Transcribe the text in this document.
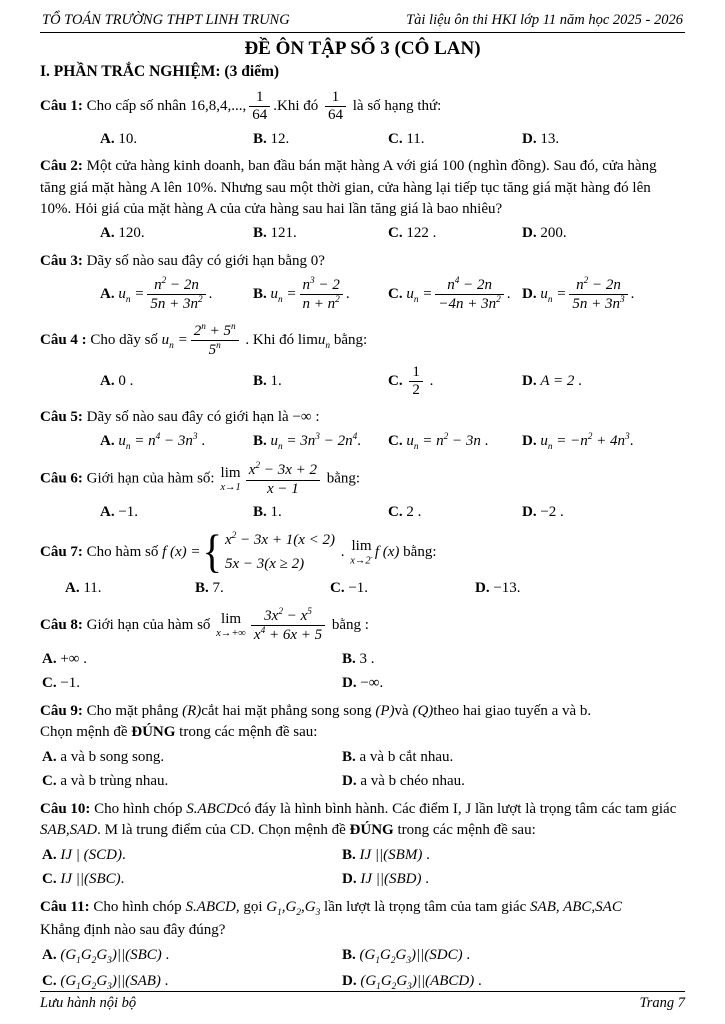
TỔ TOÁN TRƯỜNG THPT LINH TRUNG	Tài liệu ôn thi HKI lớp 11 năm học 2025 - 2026
ĐỀ ÔN TẬP SỐ 3 (CÔ LAN)
I. PHẦN TRẮC NGHIỆM: (3 điểm)
Câu 1: Cho cấp số nhân 16,8,4,..., $\frac{1}{64} .Khi$ đó $\frac{1}{64}$ là số hạng thứ:
A. 10.	B. 12.	C. 11.	D. 13.
Câu 2: Một cửa hàng kinh doanh, ban đầu bán mặt hàng A với giá 100 (nghìn đồng). Sau đó, cửa hàng tăng giá mặt hàng A lên 10%. Nhưng sau một thời gian, cửa hàng lại tiếp tục tăng giá mặt hàng đó lên 10%. Hỏi giá của mặt hàng A của cửa hàng sau hai lần tăng giá là bao nhiêu?
A. 120.	B. 121.	C. 122 .	D. 200.
Câu 3: Dãy số nào sau đây có giới hạn bằng 0?
A. $u_n = \frac{n^2 - 2n}{5n + 3n^2}$ .	B. $u_n = \frac{n^3 - 2}{n + n^2}$ .	C. $u_n = \frac{n^4 - 2n}{-4n + 3n^2}$ . D. $u_n = \frac{n^2 - 2n}{5n + 3n^3}$ .
Câu 4 : Cho dãy số $u_n = \frac{2^n + 5^n}{5^n}$ . Khi đó limu$_n$ bằng:
A. 0 .	B. 1.	C. $\frac{1}{2}$ .	D. A = 2 .
Câu 5: Dãy số nào sau đây có giới hạn là −∞ :
A. $u_n = n^4 - 3n^3$ .	B. $u_n = 3n^3 - 2n^4$.	C. $u_n = n^2 - 3n$ .	D. $u_n = -n^2 + 4n^3$.
Câu 6: Giới hạn của hàm số: lim
$x\to 1 \frac{x^2 - 3x + 2}{x - 1}$ bằng:
A. −1.	B. 1.	C. 2 .	D. −2 .
Câu 7: Cho hàm số f (x) = { $x^2 - 3x + 1(x < 2)$
5x − 3(x ≥ 2)
. lim
x→2- f (x) bằng:
A. 11.	B. 7.	C. −1.	D. −13.
Câu 8: Giới hạn của hàm số lim
$x\to+\infty \frac{3x^2 - x^5}{x^4 + 6x + 5}$ bằng :
A. +∞ .	B. 3 .
C. −1.	D. −∞.
Câu 9: Cho mặt phẳng (R)cắt hai mặt phẳng song song (P)và (Q)theo hai giao tuyến a và b.
Chọn mệnh đề ĐÚNG trong các mệnh đề sau:
A. a và b song song.	B. a và b cắt nhau.
C. a và b trùng nhau.	D. a và b chéo nhau.
Câu 10: Cho hình chóp S.ABCDcó đáy là hình bình hành. Các điểm I, J lần lượt là trọng tâm các tam giác SAB,SAD. M là trung điểm của CD. Chọn mệnh đề ĐÚNG trong các mệnh đề sau:
A. IJ | (SCD).	B. IJ ||(SBM) .
C. IJ ||(SBC).	D. IJ ||(SBD) .
Câu 11: Cho hình chóp S.ABCD, gọi $G_1,G_2,G_3$ lần lượt là trọng tâm của tam giác SAB, ABC,SAC
Khẳng định nào sau đây đúng?
A. $(G_1G_2G_3)||(SBC)$ .	B. $(G_1G_2G_3)||(SDC)$ .
C. $(G_1G_2G_3)||(SAB)$ .	D. $(G_1G_2G_3)||(ABCD)$ .
Lưu hành nội bộ	Trang 7
